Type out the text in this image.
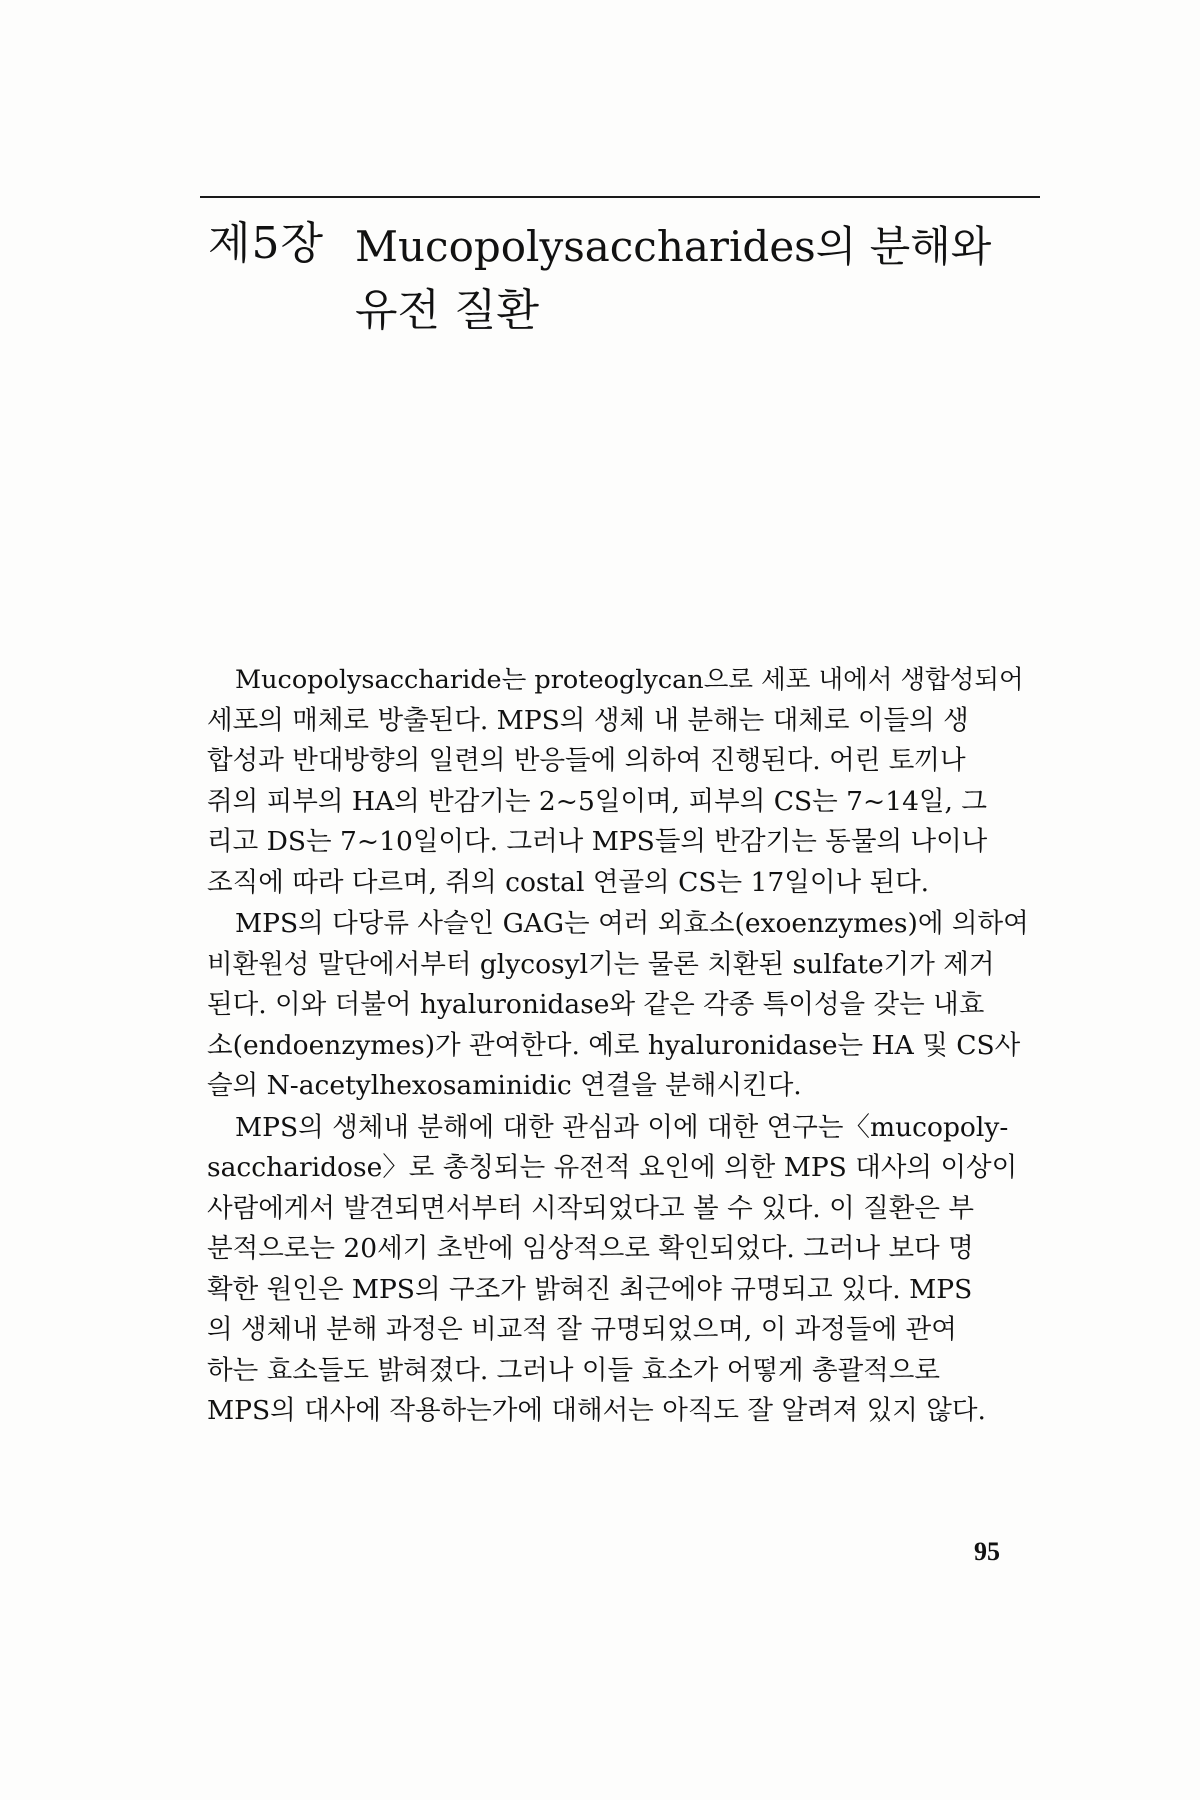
제5장 Mucopolysaccharides의 분해와
유전 질환
Mucopolysaccharide는 proteoglycan으로 세포 내에서 생합성되어
세포의 매체로 방출된다. MPS의 생체 내 분해는 대체로 이들의 생
합성과 반대방향의 일련의 반응들에 의하여 진행된다. 어린 토끼나
쥐의 피부의 HA의 반감기는 2~5일이며, 피부의 CS는 7~14일, 그
리고 DS는 7~10일이다. 그러나 MPS들의 반감기는 동물의 나이나
조직에 따라 다르며, 쥐의 costal 연골의 CS는 17일이나 된다.
MPS의 다당류 사슬인 GAG는 여러 외효소(exoenzymes)에 의하여
비환원성 말단에서부터 glycosyl기는 물론 치환된 sulfate기가 제거
된다. 이와 더불어 hyaluronidase와 같은 각종 특이성을 갖는 내효
소(endoenzymes)가 관여한다. 예로 hyaluronidase는 HA 및 CS사
슬의 N-acetylhexosaminidic 연결을 분해시킨다.
MPS의 생체내 분해에 대한 관심과 이에 대한 연구는〈mucopoly-
saccharidose〉로 총칭되는 유전적 요인에 의한 MPS 대사의 이상이
사람에게서 발견되면서부터 시작되었다고 볼 수 있다. 이 질환은 부
분적으로는 20세기 초반에 임상적으로 확인되었다. 그러나 보다 명
확한 원인은 MPS의 구조가 밝혀진 최근에야 규명되고 있다. MPS
의 생체내 분해 과정은 비교적 잘 규명되었으며, 이 과정들에 관여
하는 효소들도 밝혀졌다. 그러나 이들 효소가 어떻게 총괄적으로
MPS의 대사에 작용하는가에 대해서는 아직도 잘 알려져 있지 않다.
95
